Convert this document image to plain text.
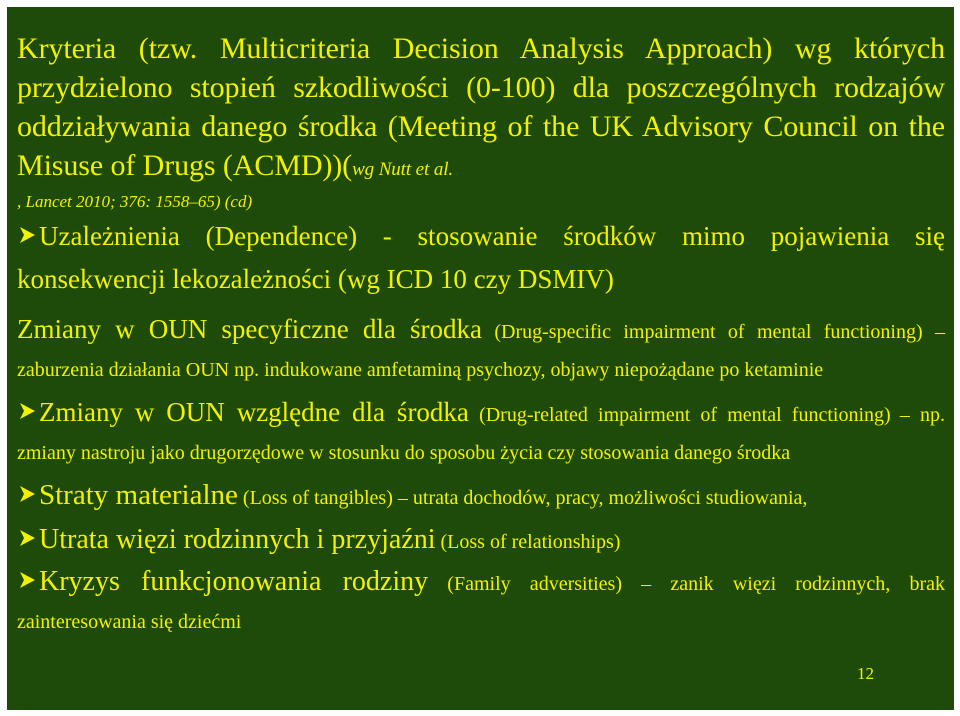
Kryteria (tzw. Multicriteria Decision Analysis Approach) wg których przydzielono stopień szkodliwości (0-100) dla poszczególnych rodzajów oddziaływania danego środka (Meeting of the UK Advisory Council on the Misuse of Drugs (ACMD))(wg Nutt et al.

, Lancet 2010; 376: 1558–65) (cd)

Uzależnienia (Dependence) - stosowanie środków mimo pojawienia się konsekwencji lekozależności (wg ICD 10 czy DSMIV)

Zmiany w OUN specyficzne dla środka (Drug-specific impairment of mental functioning) – zaburzenia działania OUN np. indukowane amfetaminą psychozy, objawy niepożądane po ketaminie

Zmiany w OUN względne dla środka (Drug-related impairment of mental functioning) – np. zmiany nastroju jako drugorzędowe w stosunku do sposobu życia czy stosowania danego środka

Straty materialne (Loss of tangibles) – utrata dochodów, pracy, możliwości studiowania,

Utrata więzi rodzinnych i przyjaźni (Loss of relationships)

Kryzys funkcjonowania rodziny (Family adversities) – zanik więzi rodzinnych, brak zainteresowania się dziećmi

12
